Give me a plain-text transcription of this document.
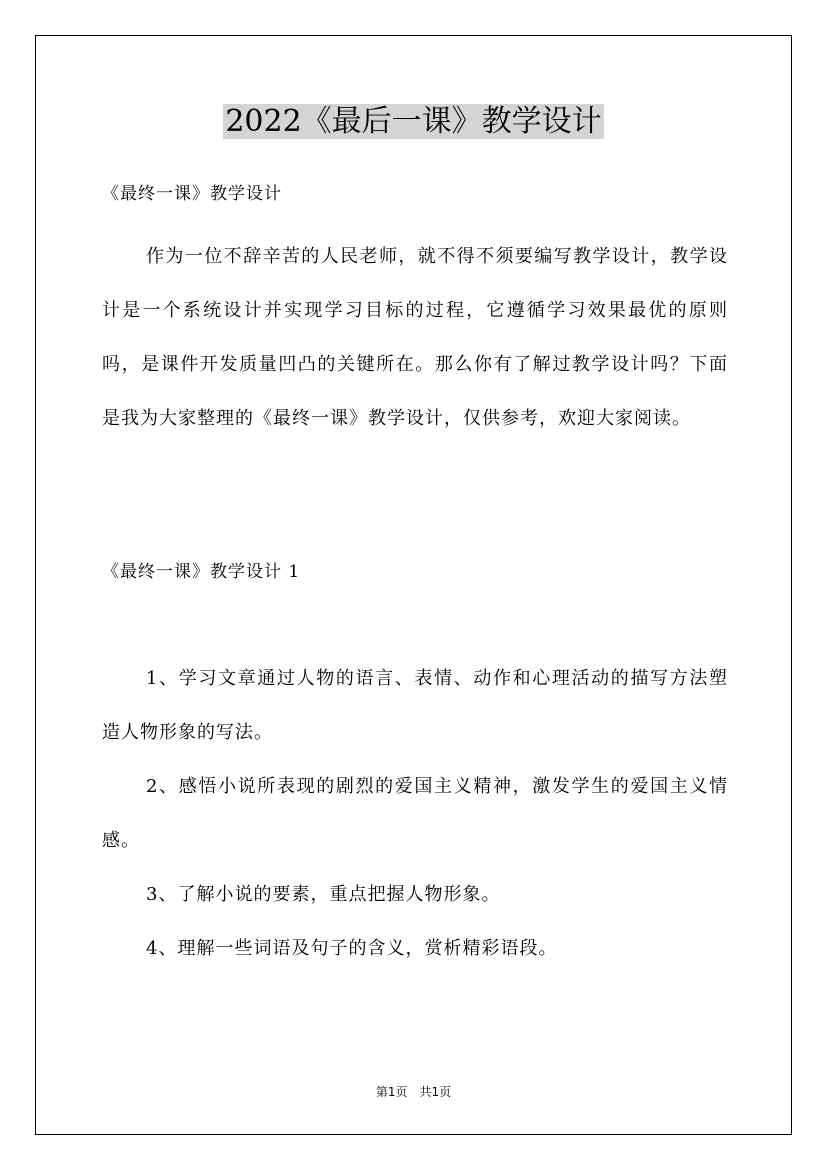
2022《最后一课》教学设计
《最终一课》教学设计
作为一位不辞辛苦的人民老师，就不得不须要编写教学设计，教学设计是一个系统设计并实现学习目标的过程，它遵循学习效果最优的原则吗，是课件开发质量凹凸的关键所在。那么你有了解过教学设计吗？下面是我为大家整理的《最终一课》教学设计，仅供参考，欢迎大家阅读。
《最终一课》教学设计 1

1、学习文章通过人物的语言、表情、动作和心理活动的描写方法塑造人物形象的写法。

2、感悟小说所表现的剧烈的爱国主义精神，激发学生的爱国主义情感。

3、了解小说的要素，重点把握人物形象。

4、理解一些词语及句子的含义，赏析精彩语段。

第1页 共1页
